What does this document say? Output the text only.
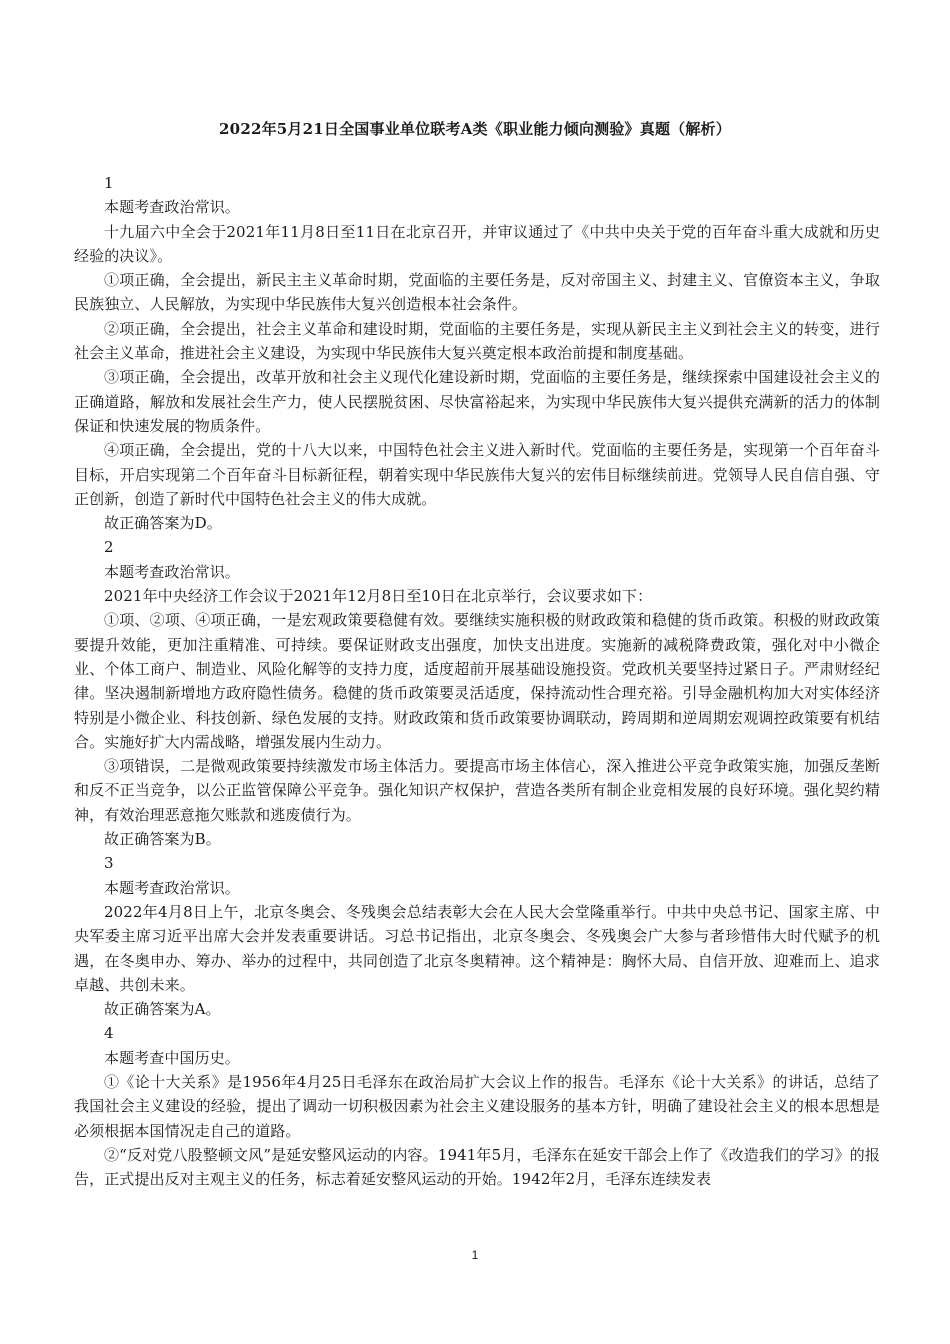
2022年5月21日全国事业单位联考A类《职业能力倾向测验》真题（解析）

1

本题考查政治常识。

十九届六中全会于2021年11月8日至11日在北京召开，并审议通过了《中共中央关于党的百年奋斗重大成就和历史经验的决议》。

①项正确，全会提出，新民主主义革命时期，党面临的主要任务是，反对帝国主义、封建主义、官僚资本主义，争取民族独立、人民解放，为实现中华民族伟大复兴创造根本社会条件。

②项正确，全会提出，社会主义革命和建设时期，党面临的主要任务是，实现从新民主主义到社会主义的转变，进行社会主义革命，推进社会主义建设，为实现中华民族伟大复兴奠定根本政治前提和制度基础。

③项正确，全会提出，改革开放和社会主义现代化建设新时期，党面临的主要任务是，继续探索中国建设社会主义的正确道路，解放和发展社会生产力，使人民摆脱贫困、尽快富裕起来，为实现中华民族伟大复兴提供充满新的活力的体制保证和快速发展的物质条件。

④项正确，全会提出，党的十八大以来，中国特色社会主义进入新时代。党面临的主要任务是，实现第一个百年奋斗目标，开启实现第二个百年奋斗目标新征程，朝着实现中华民族伟大复兴的宏伟目标继续前进。党领导人民自信自强、守正创新，创造了新时代中国特色社会主义的伟大成就。

故正确答案为D。

2

本题考查政治常识。

2021年中央经济工作会议于2021年12月8日至10日在北京举行，会议要求如下：

①项、②项、④项正确，一是宏观政策要稳健有效。要继续实施积极的财政政策和稳健的货币政策。积极的财政政策要提升效能，更加注重精准、可持续。要保证财政支出强度，加快支出进度。实施新的减税降费政策，强化对中小微企业、个体工商户、制造业、风险化解等的支持力度，适度超前开展基础设施投资。党政机关要坚持过紧日子。严肃财经纪律。坚决遏制新增地方政府隐性债务。稳健的货币政策要灵活适度，保持流动性合理充裕。引导金融机构加大对实体经济特别是小微企业、科技创新、绿色发展的支持。财政政策和货币政策要协调联动，跨周期和逆周期宏观调控政策要有机结合。实施好扩大内需战略，增强发展内生动力。

③项错误，二是微观政策要持续激发市场主体活力。要提高市场主体信心，深入推进公平竞争政策实施，加强反垄断和反不正当竞争，以公正监管保障公平竞争。强化知识产权保护，营造各类所有制企业竞相发展的良好环境。强化契约精神，有效治理恶意拖欠账款和逃废债行为。

故正确答案为B。

3

本题考查政治常识。

2022年4月8日上午，北京冬奥会、冬残奥会总结表彰大会在人民大会堂隆重举行。中共中央总书记、国家主席、中央军委主席习近平出席大会并发表重要讲话。习总书记指出，北京冬奥会、冬残奥会广大参与者珍惜伟大时代赋予的机遇，在冬奥申办、筹办、举办的过程中，共同创造了北京冬奥精神。这个精神是：胸怀大局、自信开放、迎难而上、追求卓越、共创未来。

故正确答案为A。

4

本题考查中国历史。

①《论十大关系》是1956年4月25日毛泽东在政治局扩大会议上作的报告。毛泽东《论十大关系》的讲话，总结了我国社会主义建设的经验，提出了调动一切积极因素为社会主义建设服务的基本方针，明确了建设社会主义的根本思想是必须根据本国情况走自己的道路。

②“反对党八股整顿文风”是延安整风运动的内容。1941年5月，毛泽东在延安干部会上作了《改造我们的学习》的报告，正式提出反对主观主义的任务，标志着延安整风运动的开始。1942年2月，毛泽东连续发表

1
